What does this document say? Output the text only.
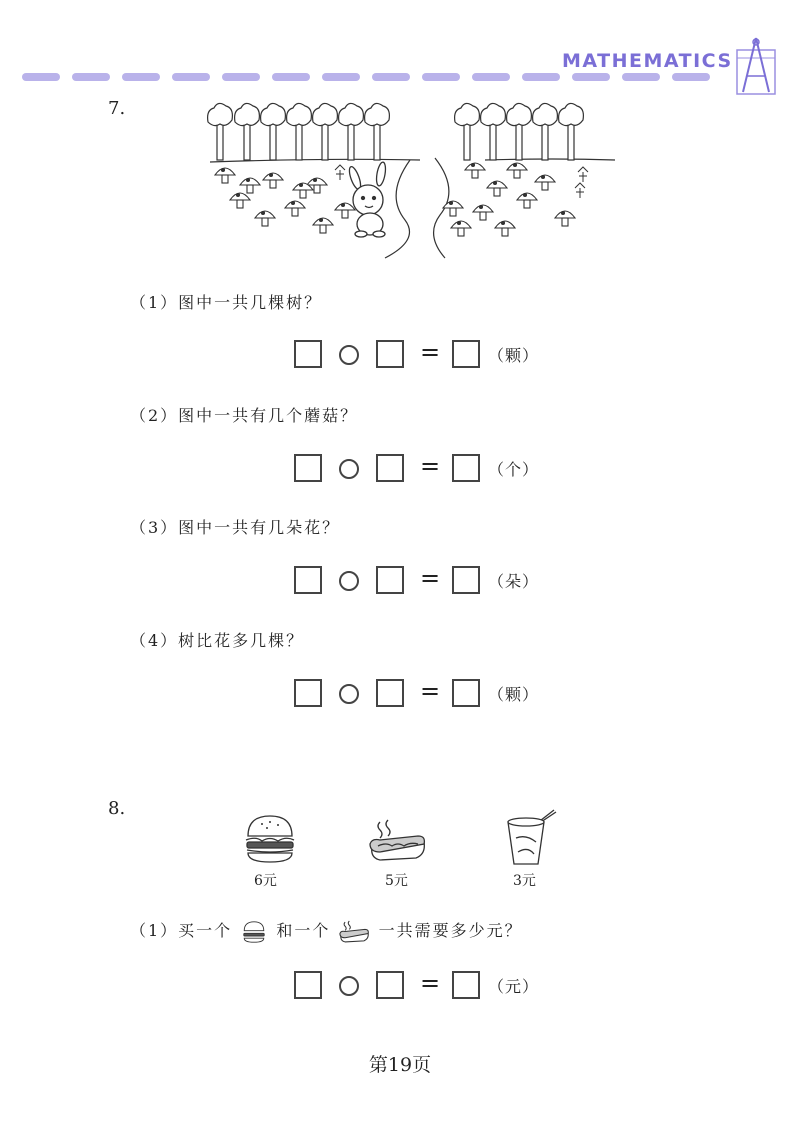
MATHEMATICS
7.
（1）图中一共几棵树？
=	（颗）
（2）图中一共有几个蘑菇？
=	（个）
（3）图中一共有几朵花？
=	（朵）
（4）树比花多几棵？
=	（颗）
8.
6元	5元	3元
（1）买一个	和一个	一共需要多少元？
=	（元）
第19页
